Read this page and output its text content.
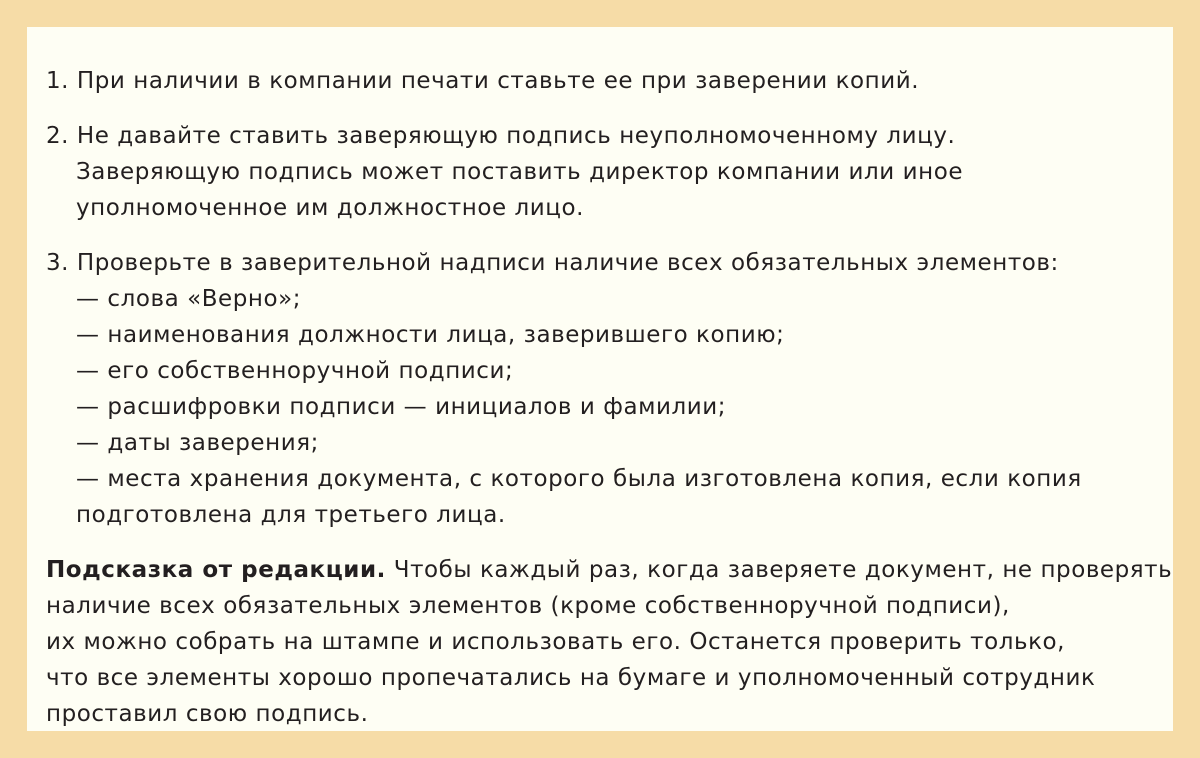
1. При наличии в компании печати ставьте ее при заверении копий.
2. Не давайте ставить заверяющую подпись неуполномоченному лицу.
Заверяющую подпись может поставить директор компании или иное
уполномоченное им должностное лицо.
3. Проверьте в заверительной надписи наличие всех обязательных элементов:
— слова «Верно»;
— наименования должности лица, заверившего копию;
— его собственноручной подписи;
— расшифровки подписи — инициалов и фамилии;
— даты заверения;
— места хранения документа, с которого была изготовлена копия, если копия
подготовлена для третьего лица.
Подсказка от редакции. Чтобы каждый раз, когда заверяете документ, не проверять
наличие всех обязательных элементов (кроме собственноручной подписи),
их можно собрать на штампе и использовать его. Останется проверить только,
что все элементы хорошо пропечатались на бумаге и уполномоченный сотрудник
проставил свою подпись.
